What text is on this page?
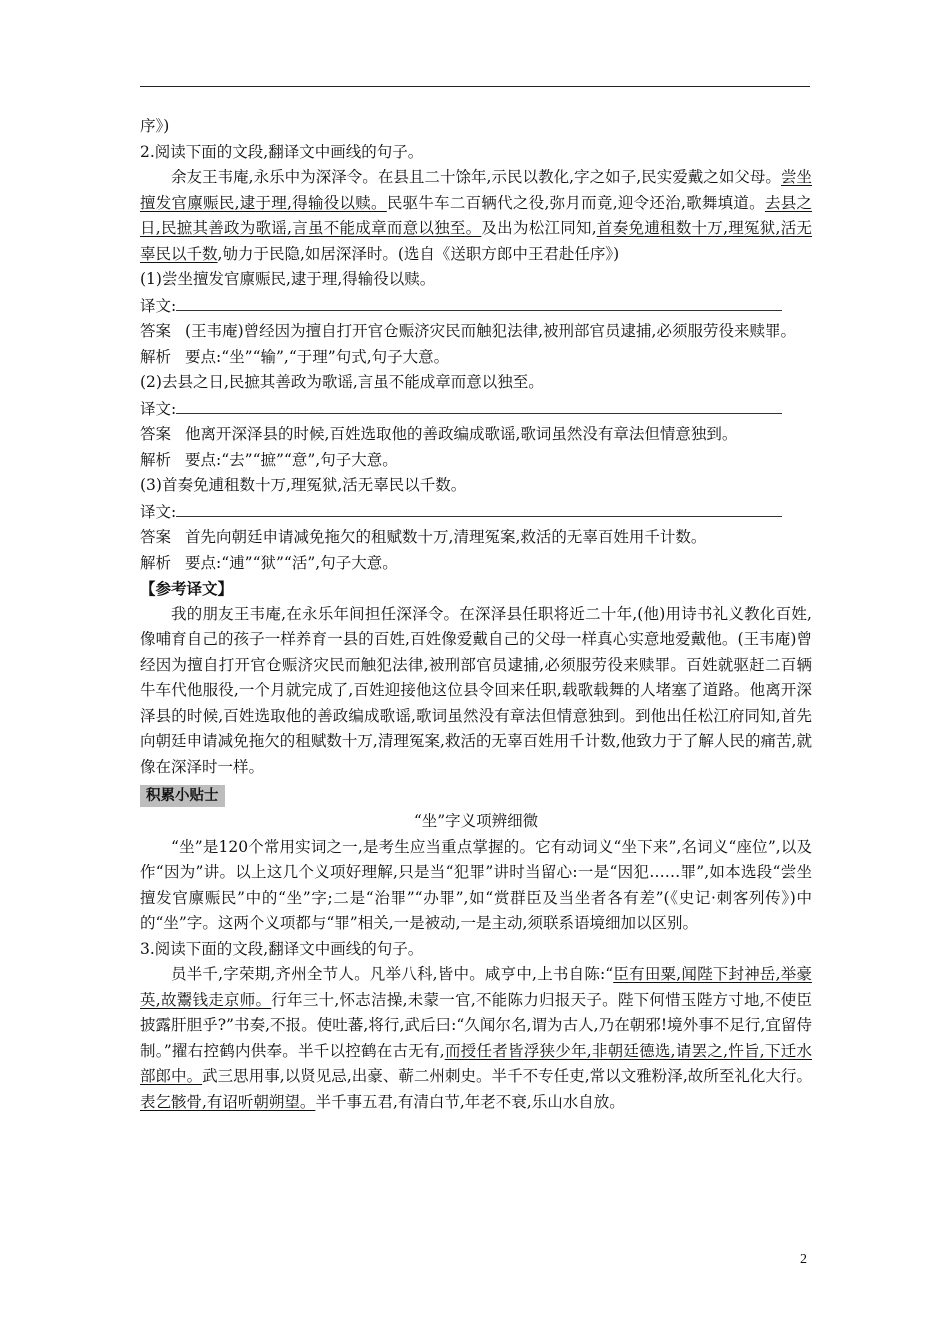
序》)

2.阅读下面的文段,翻译文中画线的句子。

余友王韦庵,永乐中为深泽令。在县且二十馀年,示民以教化,字之如子,民实爱戴之如父母。尝坐擅发官廪赈民,逮于理,得输役以赎。民驱牛车二百辆代之役,弥月而竟,迎令还治,歌舞填道。去县之日,民摭其善政为歌谣,言虽不能成章而意以独至。及出为松江同知,首奏免逋租数十万,理冤狱,活无辜民以千数,劬力于民隐,如居深泽时。(选自《送职方郎中王君赴任序》)

(1)尝坐擅发官廪赈民,逮于理,得输役以赎。

译文:

答案 (王韦庵)曾经因为擅自打开官仓赈济灾民而触犯法律,被刑部官员逮捕,必须服劳役来赎罪。

解析 要点:“坐”“输”,“于理”句式,句子大意。

(2)去县之日,民摭其善政为歌谣,言虽不能成章而意以独至。

译文:

答案 他离开深泽县的时候,百姓选取他的善政编成歌谣,歌词虽然没有章法但情意独到。

解析 要点:“去”“摭”“意”,句子大意。

(3)首奏免逋租数十万,理冤狱,活无辜民以千数。

译文:

答案 首先向朝廷申请减免拖欠的租赋数十万,清理冤案,救活的无辜百姓用千计数。

解析 要点:“逋”“狱”“活”,句子大意。

【参考译文】

我的朋友王韦庵,在永乐年间担任深泽令。在深泽县任职将近二十年,(他)用诗书礼义教化百姓,像哺育自己的孩子一样养育一县的百姓,百姓像爱戴自己的父母一样真心实意地爱戴他。(王韦庵)曾经因为擅自打开官仓赈济灾民而触犯法律,被刑部官员逮捕,必须服劳役来赎罪。百姓就驱赶二百辆牛车代他服役,一个月就完成了,百姓迎接他这位县令回来任职,载歌载舞的人堵塞了道路。他离开深泽县的时候,百姓选取他的善政编成歌谣,歌词虽然没有章法但情意独到。到他出任松江府同知,首先向朝廷申请减免拖欠的租赋数十万,清理冤案,救活的无辜百姓用千计数,他致力于了解人民的痛苦,就像在深泽时一样。

积累小贴士

“坐”字义项辨细微

“坐”是120个常用实词之一,是考生应当重点掌握的。它有动词义“坐下来”,名词义“座位”,以及作“因为”讲。以上这几个义项好理解,只是当“犯罪”讲时当留心:一是“因犯……罪”,如本选段“尝坐擅发官廪赈民”中的“坐”字;二是“治罪”“办罪”,如“赏群臣及当坐者各有差”(《史记·刺客列传》)中的“坐”字。这两个义项都与“罪”相关,一是被动,一是主动,须联系语境细加以区别。

3.阅读下面的文段,翻译文中画线的句子。

员半千,字荣期,齐州全节人。凡举八科,皆中。咸亨中,上书自陈:“臣有田粟,闻陛下封神岳,举豪英,故鬻钱走京师。行年三十,怀志洁操,未蒙一官,不能陈力归报天子。陛下何惜玉陛方寸地,不使臣披露肝胆乎?”书奏,不报。使吐蕃,将行,武后曰:“久闻尔名,谓为古人,乃在朝邪!境外事不足行,宜留侍制。”擢右控鹤内供奉。半千以控鹤在古无有,而授任者皆浮狭少年,非朝廷德选,请罢之,忤旨,下迁水部郎中。武三思用事,以贤见忌,出豪、蕲二州刺史。半千不专任吏,常以文雅粉泽,故所至礼化大行。表乞骸骨,有诏听朝朔望。半千事五君,有清白节,年老不衰,乐山水自放。

2
